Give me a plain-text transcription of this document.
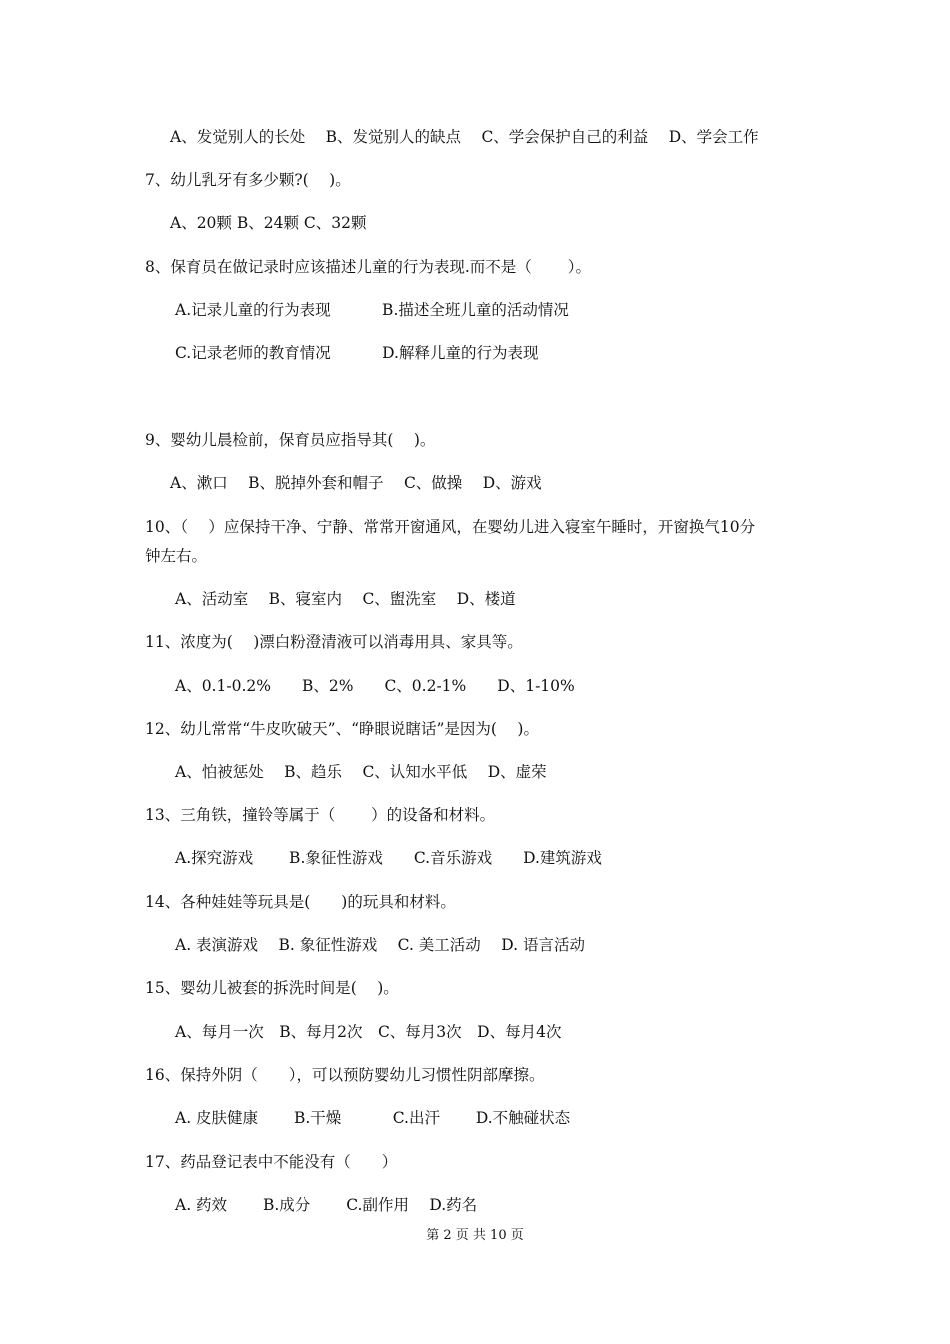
A、发觉别人的长处　 B、发觉别人的缺点　 C、学会保护自己的利益　 D、学会工作
7、幼儿乳牙有多少颗?(　 )。
A、20颗 B、24颗 C、32颗
8、保育员在做记录时应该描述儿童的行为表现.而不是（　　 ）。
A.记录儿童的行为表现　　　 B.描述全班儿童的活动情况
C.记录老师的教育情况　　　 D.解释儿童的行为表现
9、婴幼儿晨检前，保育员应指导其(　 )。
A、漱口　 B、脱掉外套和帽子　 C、做操　 D、游戏
10、（　 ）应保持干净、宁静、常常开窗通风，在婴幼儿进入寝室午睡时，开窗换气10分
钟左右。
A、活动室　 B、寝室内　 C、盥洗室　 D、楼道
11、浓度为(　 )漂白粉澄清液可以消毒用具、家具等。
A、0.1-0.2%　　B、2%　　C、0.2-1%　　D、1-10%
12、幼儿常常“牛皮吹破天”、“睁眼说瞎话”是因为(　 )。
A、怕被惩处　 B、趋乐　 C、认知水平低　 D、虚荣
13、三角铁，撞铃等属于（　　 ）的设备和材料。
A.探究游戏　　 B.象征性游戏　　C.音乐游戏　　D.建筑游戏
14、各种娃娃等玩具是(　　)的玩具和材料。
A. 表演游戏　 B. 象征性游戏　 C. 美工活动　 D. 语言活动
15、婴幼儿被套的拆洗时间是(　 )。
A、每月一次　B、每月2次　C、每月3次　D、每月4次
16、保持外阴（　　），可以预防婴幼儿习惯性阴部摩擦。
A. 皮肤健康　　 B.干燥　　　 C.出汗　　 D.不触碰状态
17、药品登记表中不能没有（　　）
A. 药效　　 B.成分　　 C.副作用　 D.药名
第 2 页 共 10 页
